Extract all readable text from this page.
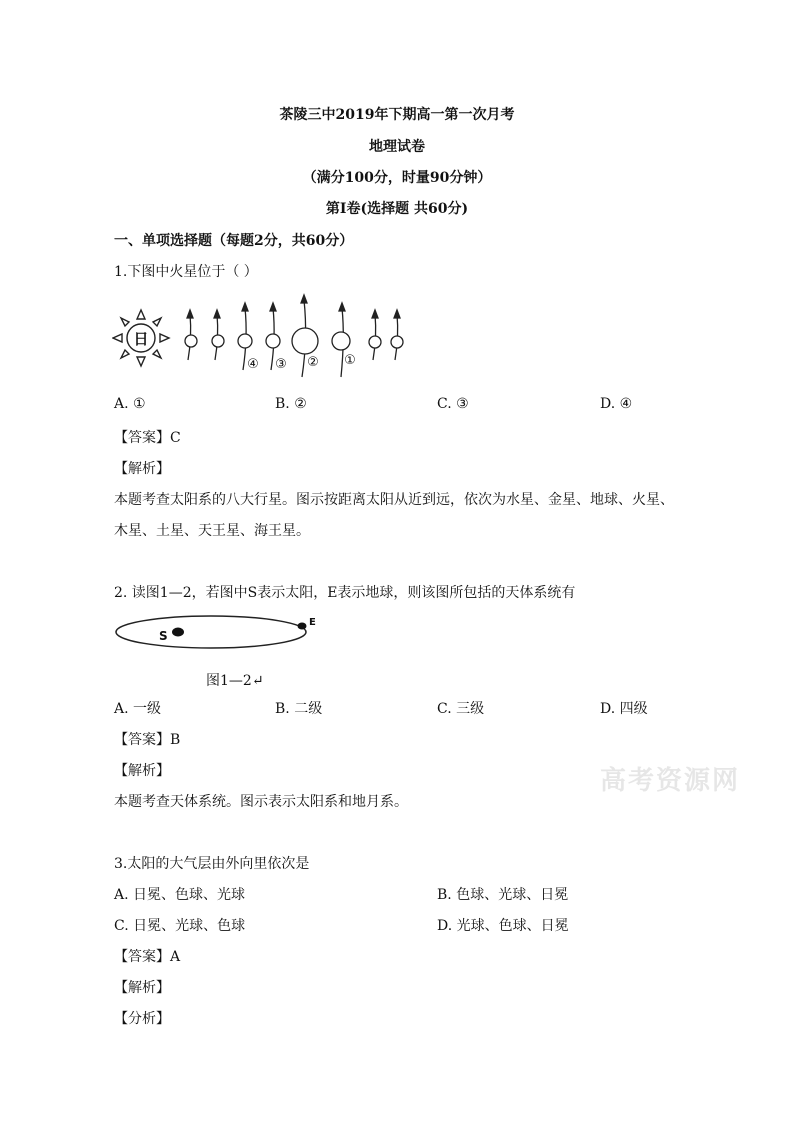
茶陵三中2019年下期高一第一次月考
地理试卷
（满分100分，时量90分钟）
第Ⅰ卷(选择题 共60分)
一、单项选择题（每题2分，共60分）
1.下图中火星位于（ ）
日
④ ③ ② ①
A. ①	B. ②	C. ③	D. ④
【答案】C
【解析】
本题考查太阳系的八大行星。图示按距离太阳从近到远，依次为水星、金星、地球、火星、
木星、土星、天王星、海王星。
2. 读图1—2，若图中S表示太阳，E表示地球，则该图所包括的天体系统有
S
E
图1—2↵
A. 一级	B. 二级	C. 三级	D. 四级
【答案】B
【解析】
本题考查天体系统。图示表示太阳系和地月系。
高考资源网
3.太阳的大气层由外向里依次是
A. 日冕、色球、光球	B. 色球、光球、日冕
C. 日冕、光球、色球	D. 光球、色球、日冕
【答案】A
【解析】
【分析】
